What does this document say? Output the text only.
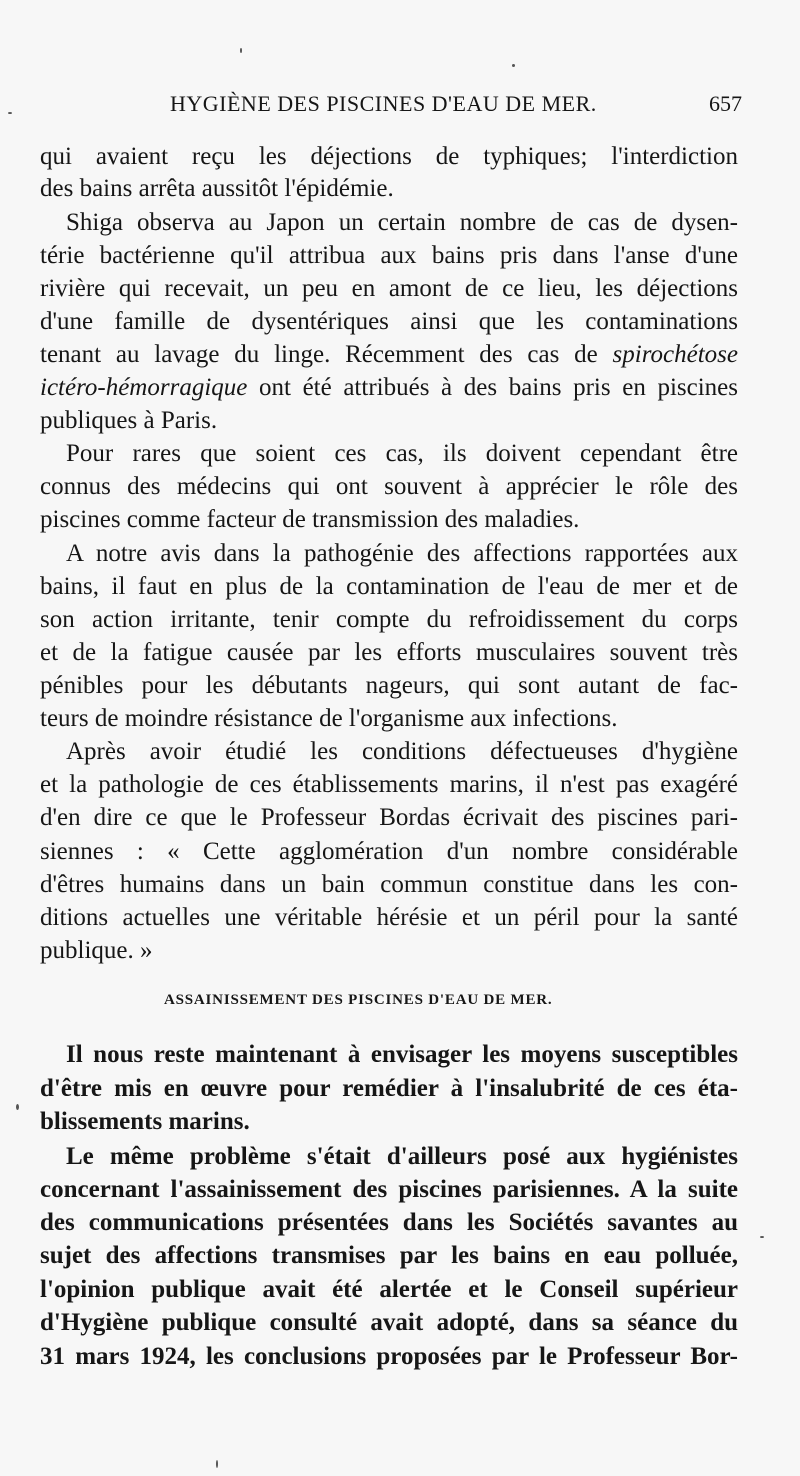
HYGIÈNE DES PISCINES D'EAU DE MER.	657
qui avaient reçu les déjections de typhiques; l'interdiction
des bains arrêta aussitôt l'épidémie.
Shiga observa au Japon un certain nombre de cas de dysen-
térie bactérienne qu'il attribua aux bains pris dans l'anse d'une
rivière qui recevait, un peu en amont de ce lieu, les déjections
d'une famille de dysentériques ainsi que les contaminations
tenant au lavage du linge. Récemment des cas de spirochétose
ictéro-hémorragique ont été attribués à des bains pris en piscines
publiques à Paris.
Pour rares que soient ces cas, ils doivent cependant être
connus des médecins qui ont souvent à apprécier le rôle des
piscines comme facteur de transmission des maladies.
A notre avis dans la pathogénie des affections rapportées aux
bains, il faut en plus de la contamination de l'eau de mer et de
son action irritante, tenir compte du refroidissement du corps
et de la fatigue causée par les efforts musculaires souvent très
pénibles pour les débutants nageurs, qui sont autant de fac-
teurs de moindre résistance de l'organisme aux infections.
Après avoir étudié les conditions défectueuses d'hygiène
et la pathologie de ces établissements marins, il n'est pas exagéré
d'en dire ce que le Professeur Bordas écrivait des piscines pari-
siennes : « Cette agglomération d'un nombre considérable
d'êtres humains dans un bain commun constitue dans les con-
ditions actuelles une véritable hérésie et un péril pour la santé
publique. »
ASSAINISSEMENT DES PISCINES D'EAU DE MER.
Il nous reste maintenant à envisager les moyens susceptibles
d'être mis en œuvre pour remédier à l'insalubrité de ces éta-
blissements marins.
Le même problème s'était d'ailleurs posé aux hygiénistes
concernant l'assainissement des piscines parisiennes. A la suite
des communications présentées dans les Sociétés savantes au
sujet des affections transmises par les bains en eau polluée,
l'opinion publique avait été alertée et le Conseil supérieur
d'Hygiène publique consulté avait adopté, dans sa séance du
31 mars 1924, les conclusions proposées par le Professeur Bor-
